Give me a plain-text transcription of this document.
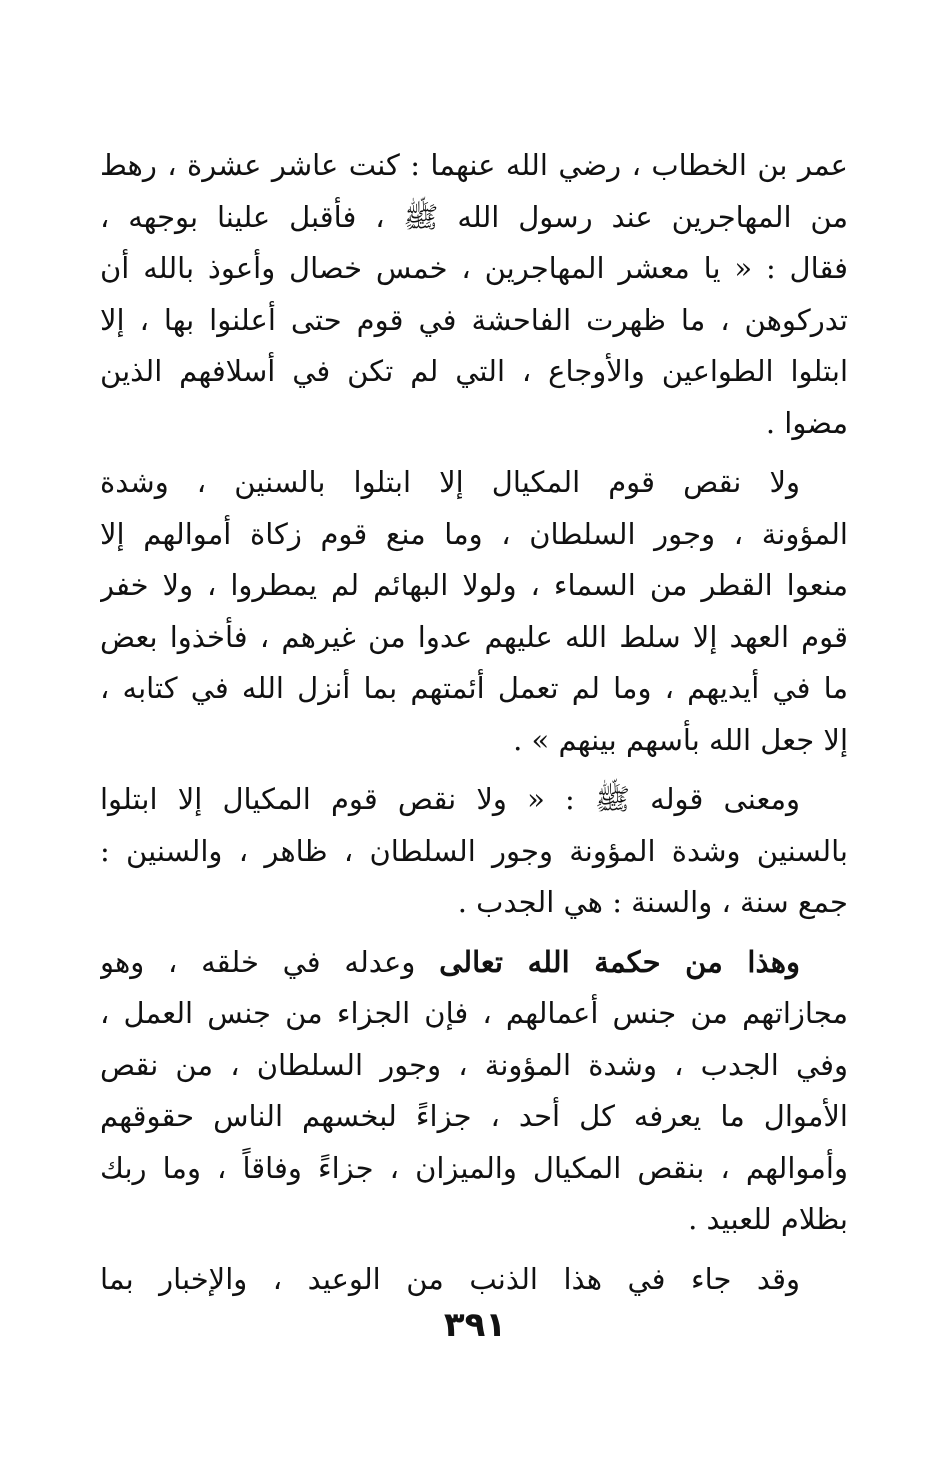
عمر بن الخطاب ، رضي الله عنهما : كنت عاشر عشرة ، رهط
من المهاجرين عند رسول الله ﷺ ، فأقبل علينا بوجهه ،
فقال : « يا معشر المهاجرين ، خمس خصال وأعوذ بالله أن
تدركوهن ، ما ظهرت الفاحشة في قوم حتى أعلنوا بها ، إلا
ابتلوا الطواعين والأوجاع ، التي لم تكن في أسلافهم الذين
مضوا .
ولا نقص قوم المكيال إلا ابتلوا بالسنين ، وشدة
المؤونة ، وجور السلطان ، وما منع قوم زكاة أموالهم إلا
منعوا القطر من السماء ، ولولا البهائم لم يمطروا ، ولا خفر
قوم العهد إلا سلط الله عليهم عدوا من غيرهم ، فأخذوا بعض
ما في أيديهم ، وما لم تعمل أئمتهم بما أنزل الله في كتابه ،
إلا جعل الله بأسهم بينهم » .
ومعنى قوله ﷺ : « ولا نقص قوم المكيال إلا ابتلوا
بالسنين وشدة المؤونة وجور السلطان ، ظاهر ، والسنين :
جمع سنة ، والسنة : هي الجدب .
وهذا من حكمة الله تعالى وعدله في خلقه ، وهو
مجازاتهم من جنس أعمالهم ، فإن الجزاء من جنس العمل ،
وفي الجدب ، وشدة المؤونة ، وجور السلطان ، من نقص
الأموال ما يعرفه كل أحد ، جزاءً لبخسهم الناس حقوقهم
وأموالهم ، بنقص المكيال والميزان ، جزاءً وفاقاً ، وما ربك
بظلام للعبيد .
وقد جاء في هذا الذنب من الوعيد ، والإخبار بما
٣٩١
